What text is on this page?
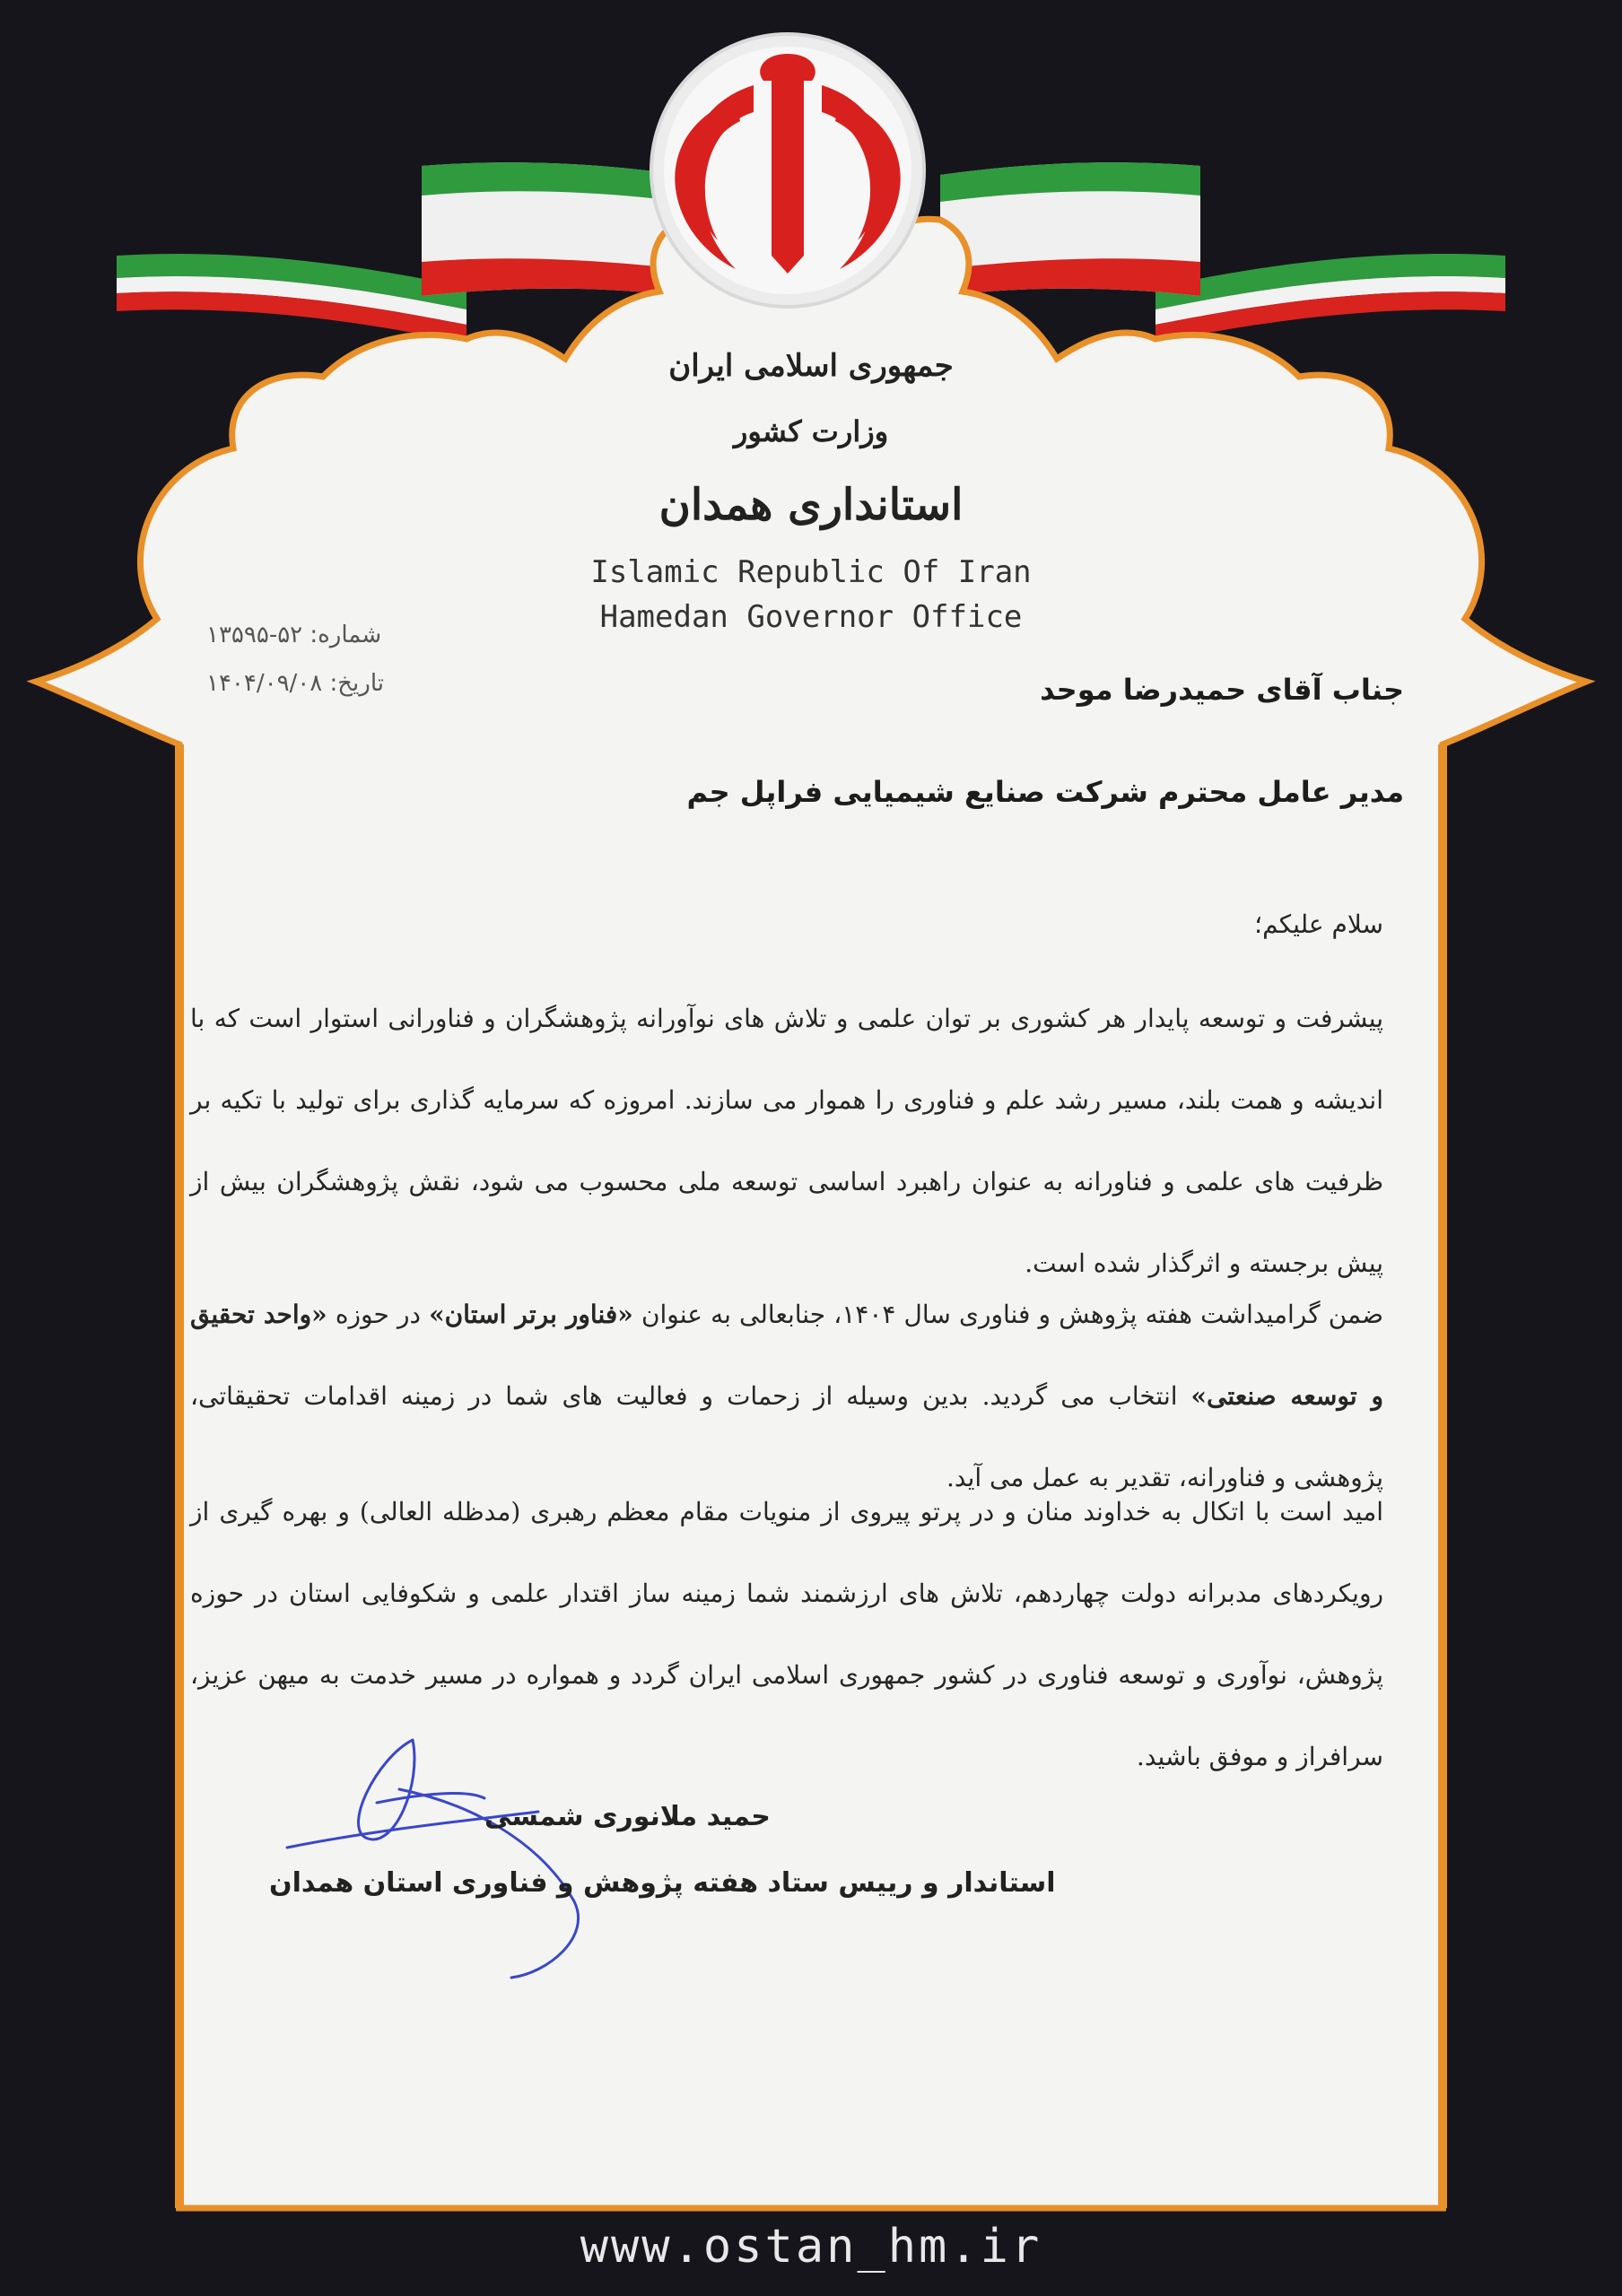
جمهوری اسلامی ایران
وزارت کشور
استانداری همدان
Islamic Republic Of Iran
Hamedan Governor Office
شماره: ۵۲-۱۳۵۹۵
تاریخ: ۱۴۰۴/۰۹/۰۸	جناب آقای حمیدرضا موحد
مدیر عامل محترم شرکت صنایع شیمیایی فراپل جم
سلام علیکم؛

پیشرفت و توسعه پایدار هر کشوری بر توان علمی و تلاش های نوآورانه پژوهشگران و فناورانی استوار است که با اندیشه و همت بلند، مسیر رشد علم و فناوری را هموار می سازند. امروزه که سرمایه گذاری برای تولید با تکیه بر ظرفیت های علمی و فناورانه به عنوان راهبرد اساسی توسعه ملی محسوب می شود، نقش پژوهشگران بیش از پیش برجسته و اثرگذار شده است.

ضمن گرامیداشت هفته پژوهش و فناوری سال ۱۴۰۴، جنابعالی به عنوان «فناور برتر استان» در حوزه «واحد تحقیق و توسعه صنعتی» انتخاب می گردید. بدین وسیله از زحمات و فعالیت های شما در زمینه اقدامات تحقیقاتی، پژوهشی و فناورانه، تقدیر به عمل می آید.

امید است با اتکال به خداوند منان و در پرتو پیروی از منویات مقام معظم رهبری (مدظله العالی) و بهره گیری از رویکردهای مدبرانه دولت چهاردهم، تلاش های ارزشمند شما زمینه ساز اقتدار علمی و شکوفایی استان در حوزه پژوهش، نوآوری و توسعه فناوری در کشور جمهوری اسلامی ایران گردد و همواره در مسیر خدمت به میهن عزیز، سرافراز و موفق باشید.

حمید ملانوری شمسی
استاندار و رییس ستاد هفته پژوهش و فناوری استان همدان
www.ostan_hm.ir
